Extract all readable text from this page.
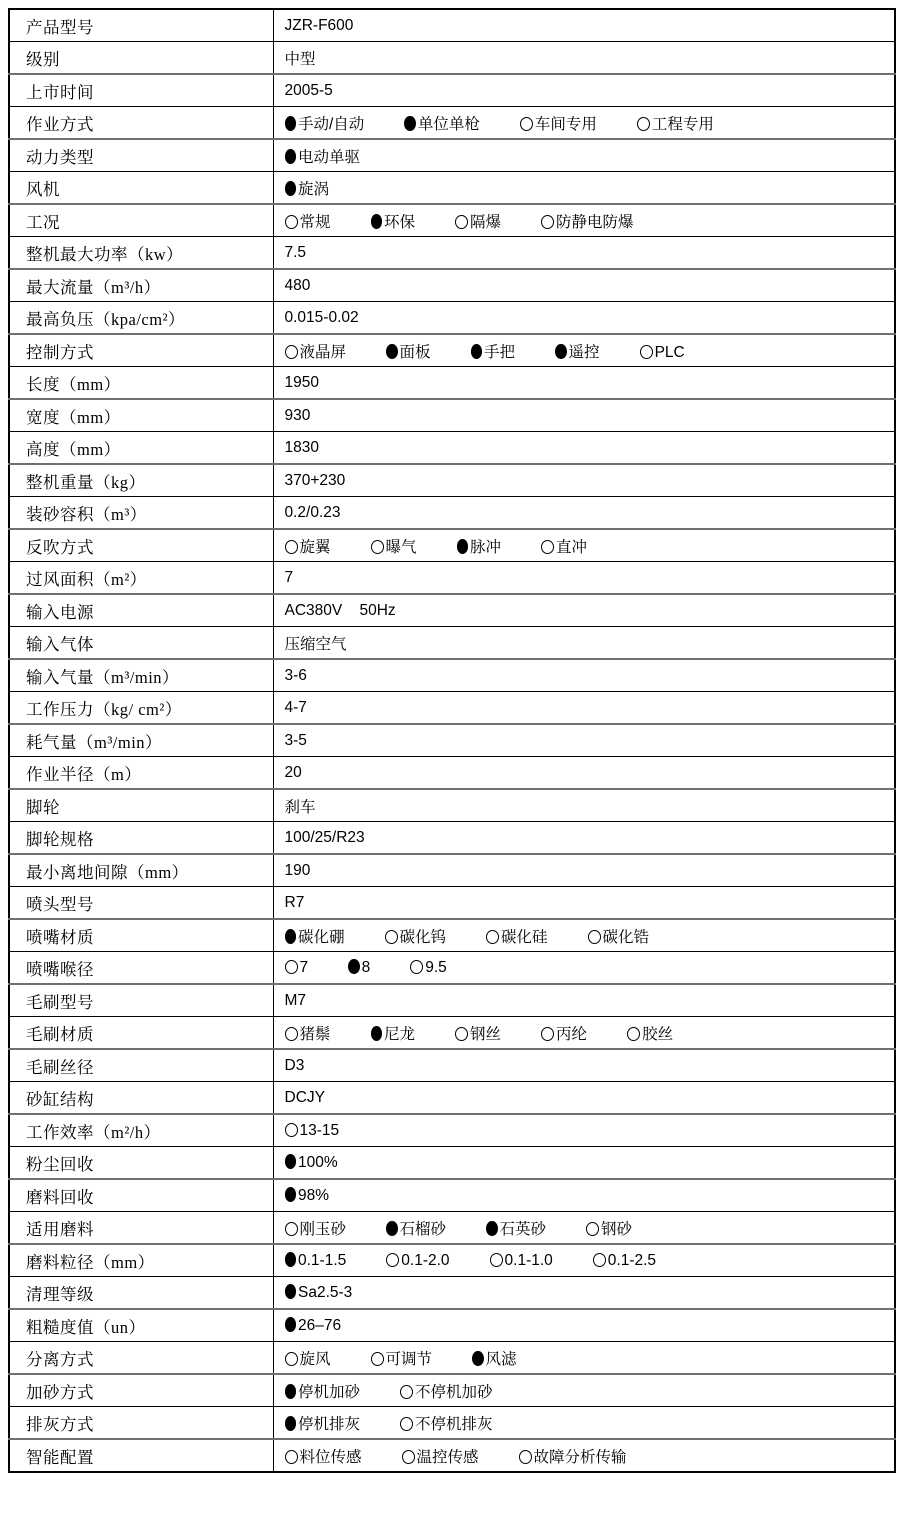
产品型号	JZR-F600
级别	中型
上市时间	2005-5
作业方式	手动/自动 单位单枪 车间专用 工程专用
动力类型	电动单驱
风机	旋涡
工况	常规 环保 隔爆 防静电防爆
整机最大功率（kw）	7.5
最大流量（m³/h）	480
最高负压（kpa/cm²）	0.015-0.02
控制方式	液晶屏 面板 手把 遥控 PLC
长度（mm）	1950
宽度（mm）	930
高度（mm）	1830
整机重量（kg）	370+230
装砂容积（m³）	0.2/0.23
反吹方式	旋翼 曝气 脉冲 直冲
过风面积（m²）	7
输入电源	AC380V    50Hz
输入气体	压缩空气
输入气量（m³/min）	3-6
工作压力（kg/ cm²）	4-7
耗气量（m³/min）	3-5
作业半径（m）	20
脚轮	刹车
脚轮规格	100/25/R23
最小离地间隙（mm）	190
喷头型号	R7
喷嘴材质	碳化硼 碳化钨 碳化硅 碳化锆
喷嘴喉径	7 8 9.5
毛刷型号	M7
毛刷材质	猪鬃 尼龙 钢丝 丙纶 胶丝
毛刷丝径	D3
砂缸结构	DCJY
工作效率（m²/h）	13-15
粉尘回收	100%
磨料回收	98%
适用磨料	刚玉砂 石榴砂 石英砂 钢砂
磨料粒径（mm）	0.1-1.5 0.1-2.0 0.1-1.0 0.1-2.5
清理等级	Sa2.5-3
粗糙度值（un）	26–76
分离方式	旋风 可调节 风滤
加砂方式	停机加砂 不停机加砂
排灰方式	停机排灰 不停机排灰
智能配置	料位传感 温控传感 故障分析传输
